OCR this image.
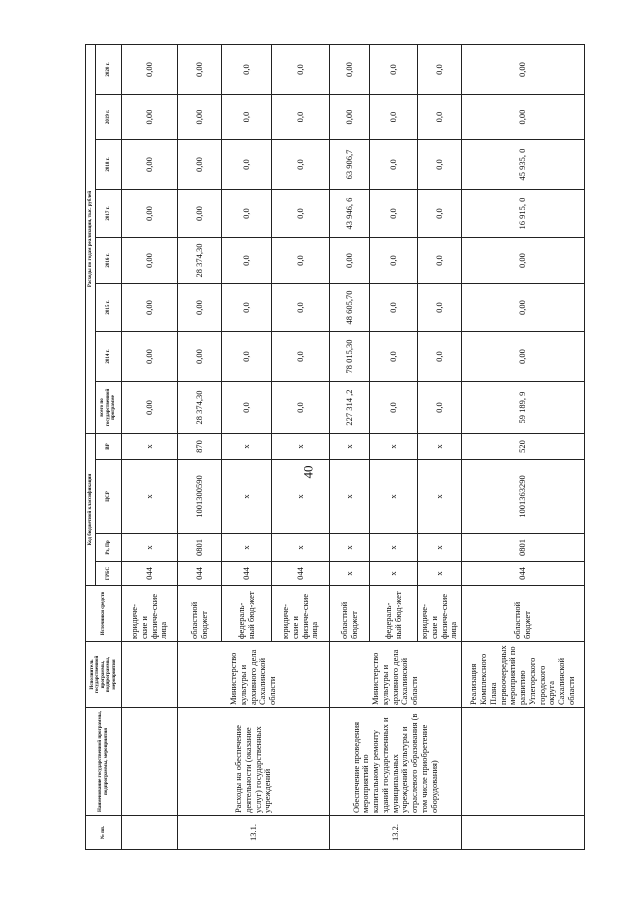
40
№ пп.	Наименование государственной программы, подпрограммы, мероприятия	Исполнитель государственной программы, подпрограммы, мероприятия	Источники средств	Код бюджетной классификации				Расходы по годам реализации, тыс. рублей							
				ГРБС	Рз, Пр	ЦСР	ВР	всего по государственной программе	2014 г.	2015 г.	2016 г.	2017 г.	2018 г.	2019 г.	2020 г.
			юридиче-ские и физиче-ские лица	044	х	х	х	0,00	0,00	0,00	0,00	0,00	0,00	0,00	0,00
13.1.	Расходы на обеспечение деятельности (оказание услуг) государственных учреждений	Министерство культуры и архивного дела Сахалинской области	областной бюджет	044	0801	1001300590	870	28 374,30	0,00	0,00	28 374,30	0,00	0,00	0,00	0,00
			федераль-ный бюд-жет	044	х	х	х	0,0	0,0	0,0	0,0	0,0	0,0	0,0	0,0
			юридиче-ские и физиче-ские лица	044	х	х	х	0,0	0,0	0,0	0,0	0,0	0,0	0,0	0,0
13.2.	Обеспечение проведения мероприятий по капитальному ремонту зданий государственных и муниципальных учреждений культуры и отраслевого образования (в том числе приобретение оборудования)	Министерство культуры и архивного дела Сахалинской области	областной бюджет	х	х	х	х	227 314 ,2	78 015,30	48 605,70	0,00	43 946, 6	63 906,7	0,00	0,00
			федераль-ный бюд-жет	х	х	х	х	0,0	0,0	0,0	0,0	0,0	0,0	0,0	0,0
			юридиче-ские и физиче-ские лица	х	х	х	х	0,0	0,0	0,0	0,0	0,0	0,0	0,0	0,0
		Реализация Комплексного Плана первоочередных мероприятий по развитию Углегорского городского округа Сахалинской области	областной бюджет	044	0801	1001363290	520	59 189, 9	0,00	0,00	0,00	16 915, 0	45 935, 0	0,00	0,00
